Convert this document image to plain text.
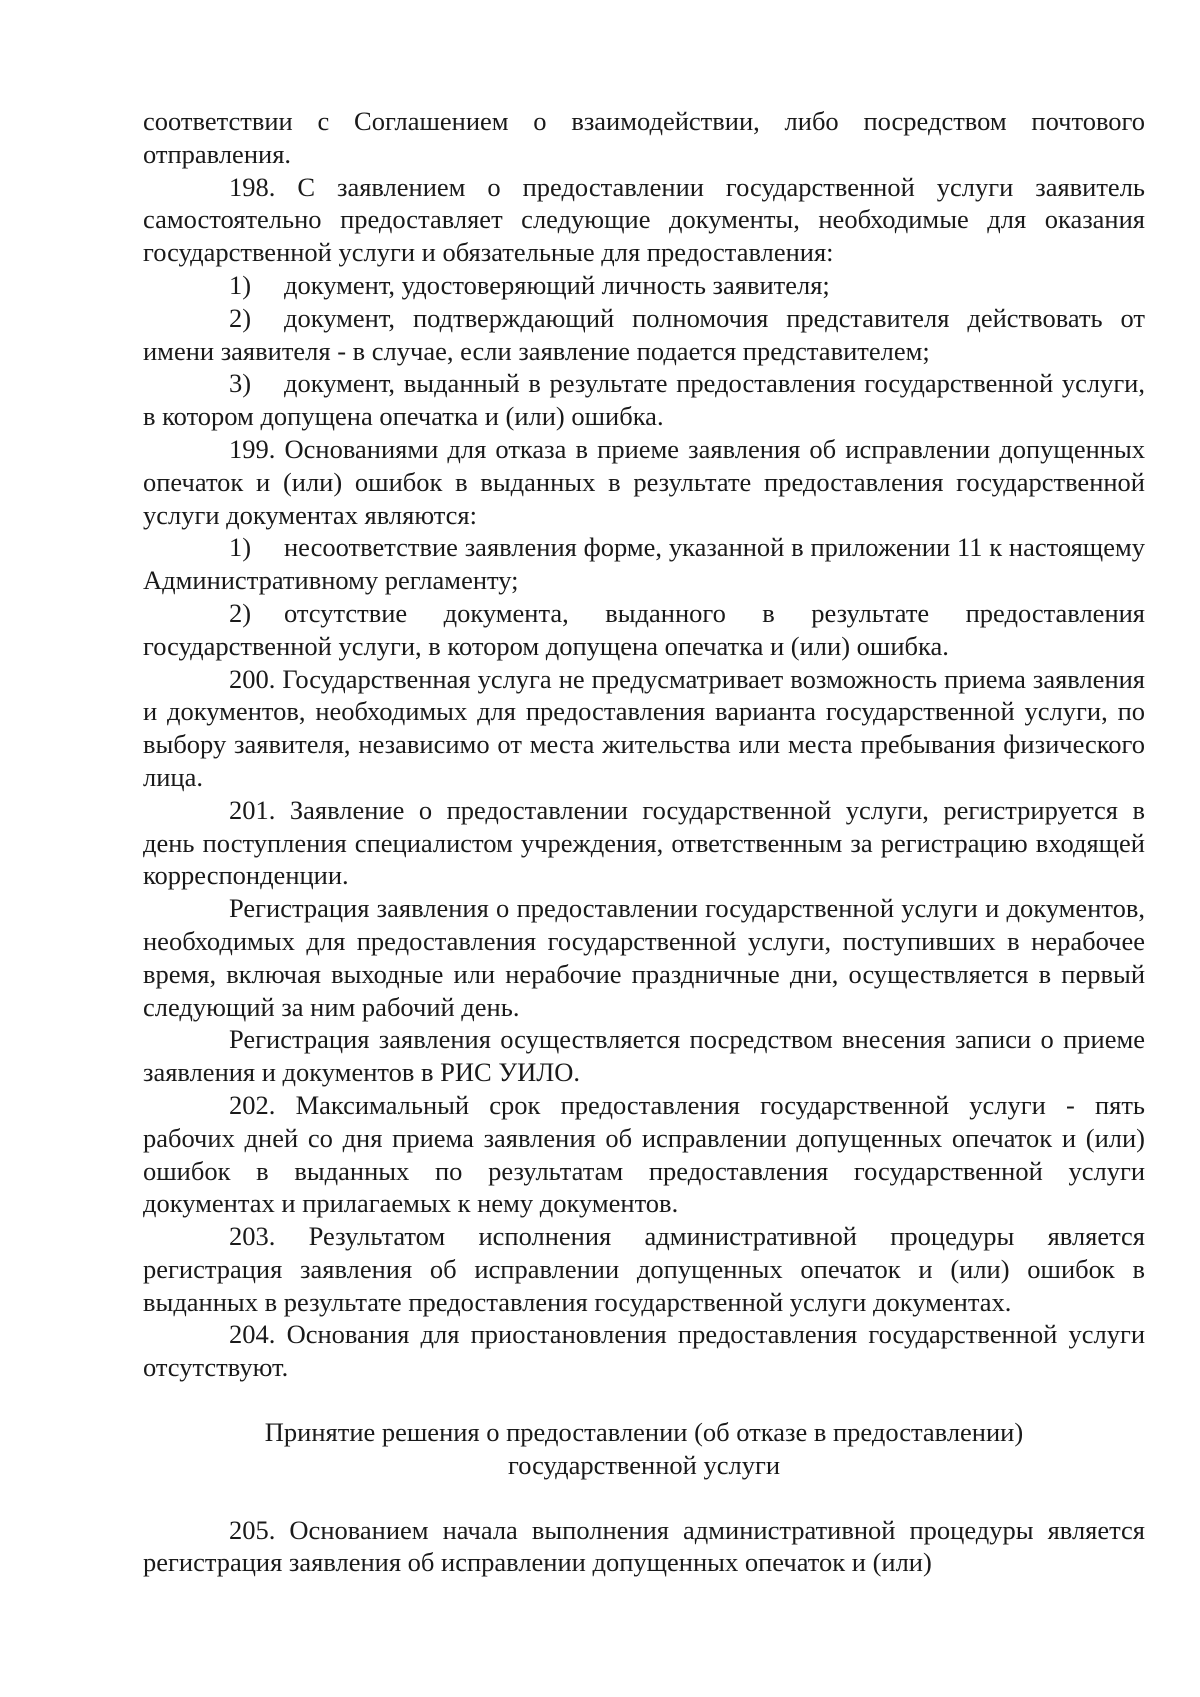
соответствии с Соглашением о взаимодействии, либо посредством почтового отправления.

198. С заявлением о предоставлении государственной услуги заявитель самостоятельно предоставляет следующие документы, необходимые для оказания государственной услуги и обязательные для предоставления:

1) документ, удостоверяющий личность заявителя;

2) документ, подтверждающий полномочия представителя действовать от имени заявителя - в случае, если заявление подается представителем;

3) документ, выданный в результате предоставления государственной услуги, в котором допущена опечатка и (или) ошибка.

199. Основаниями для отказа в приеме заявления об исправлении допущенных опечаток и (или) ошибок в выданных в результате предоставления государственной услуги документах являются:

1) несоответствие заявления форме, указанной в приложении 11 к настоящему Административному регламенту;

2) отсутствие документа, выданного в результате предоставления государственной услуги, в котором допущена опечатка и (или) ошибка.

200. Государственная услуга не предусматривает возможность приема заявления и документов, необходимых для предоставления варианта государственной услуги, по выбору заявителя, независимо от места жительства или места пребывания физического лица.

201. Заявление о предоставлении государственной услуги, регистрируется в день поступления специалистом учреждения, ответственным за регистрацию входящей корреспонденции.

Регистрация заявления о предоставлении государственной услуги и документов, необходимых для предоставления государственной услуги, поступивших в нерабочее время, включая выходные или нерабочие праздничные дни, осуществляется в первый следующий за ним рабочий день.

Регистрация заявления осуществляется посредством внесения записи о приеме заявления и документов в РИС УИЛО.

202. Максимальный срок предоставления государственной услуги - пять рабочих дней со дня приема заявления об исправлении допущенных опечаток и (или) ошибок в выданных по результатам предоставления государственной услуги документах и прилагаемых к нему документов.

203. Результатом исполнения административной процедуры является регистрация заявления об исправлении допущенных опечаток и (или) ошибок в выданных в результате предоставления государственной услуги документах.

204. Основания для приостановления предоставления государственной услуги отсутствуют.

Принятие решения о предоставлении (об отказе в предоставлении)
государственной услуги

205. Основанием начала выполнения административной процедуры является регистрация заявления об исправлении допущенных опечаток и (или)
